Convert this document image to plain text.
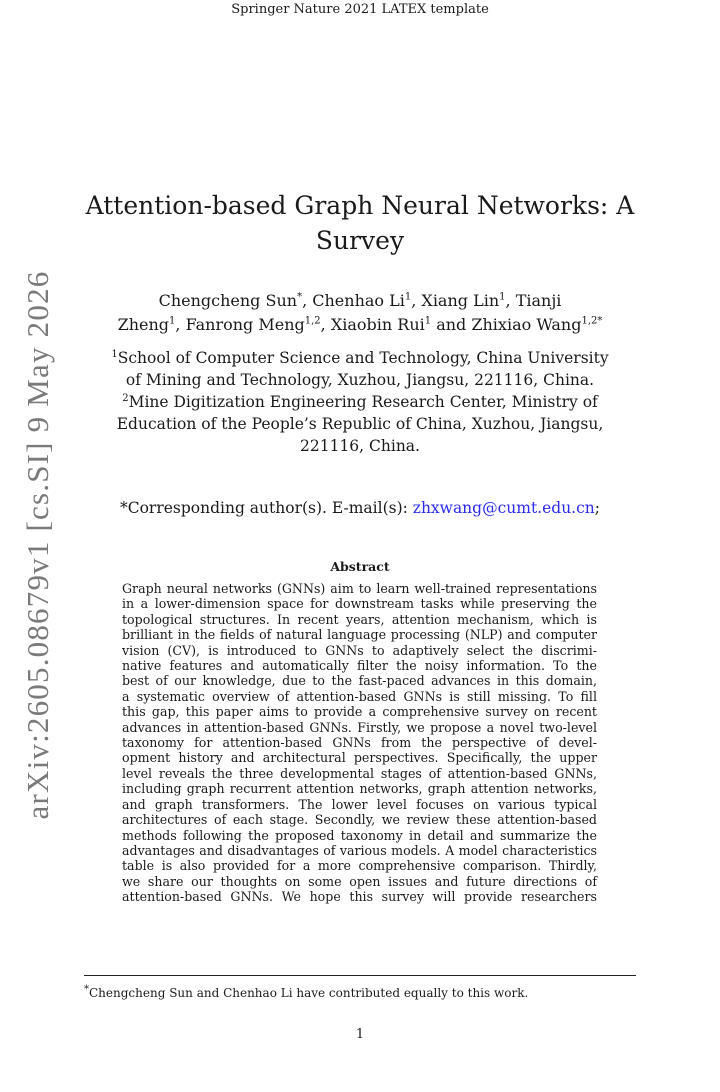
Springer Nature 2021 LATEX template
arXiv:2605.08679v1 [cs.SI] 9 May 2026
Attention-based Graph Neural Networks: A
Survey
Chengcheng Sun*, Chenhao Li$^1$, Xiang Lin$^1$, Tianji
Zheng$^1$, Fanrong Meng$^{1,2}$, Xiaobin Rui$^1$ and Zhixiao Wang$^{1,2*}$
$^1$School of Computer Science and Technology, China University
of Mining and Technology, Xuzhou, Jiangsu, 221116, China.
$^2$Mine Digitization Engineering Research Center, Ministry of
Education of the People’s Republic of China, Xuzhou, Jiangsu,
221116, China.
*Corresponding author(s). E-mail(s): zhxwang@cumt.edu.cn;
Abstract
Graph neural networks (GNNs) aim to learn well-trained representations
in a lower-dimension space for downstream tasks while preserving the
topological structures. In recent years, attention mechanism, which is
brilliant in the fields of natural language processing (NLP) and computer
vision (CV), is introduced to GNNs to adaptively select the discrimi-
native features and automatically filter the noisy information. To the
best of our knowledge, due to the fast-paced advances in this domain,
a systematic overview of attention-based GNNs is still missing. To fill
this gap, this paper aims to provide a comprehensive survey on recent
advances in attention-based GNNs. Firstly, we propose a novel two-level
taxonomy for attention-based GNNs from the perspective of devel-
opment history and architectural perspectives. Specifically, the upper
level reveals the three developmental stages of attention-based GNNs,
including graph recurrent attention networks, graph attention networks,
and graph transformers. The lower level focuses on various typical
architectures of each stage. Secondly, we review these attention-based
methods following the proposed taxonomy in detail and summarize the
advantages and disadvantages of various models. A model characteristics
table is also provided for a more comprehensive comparison. Thirdly,
we share our thoughts on some open issues and future directions of
attention-based GNNs. We hope this survey will provide researchers
*Chengcheng Sun and Chenhao Li have contributed equally to this work.
1
